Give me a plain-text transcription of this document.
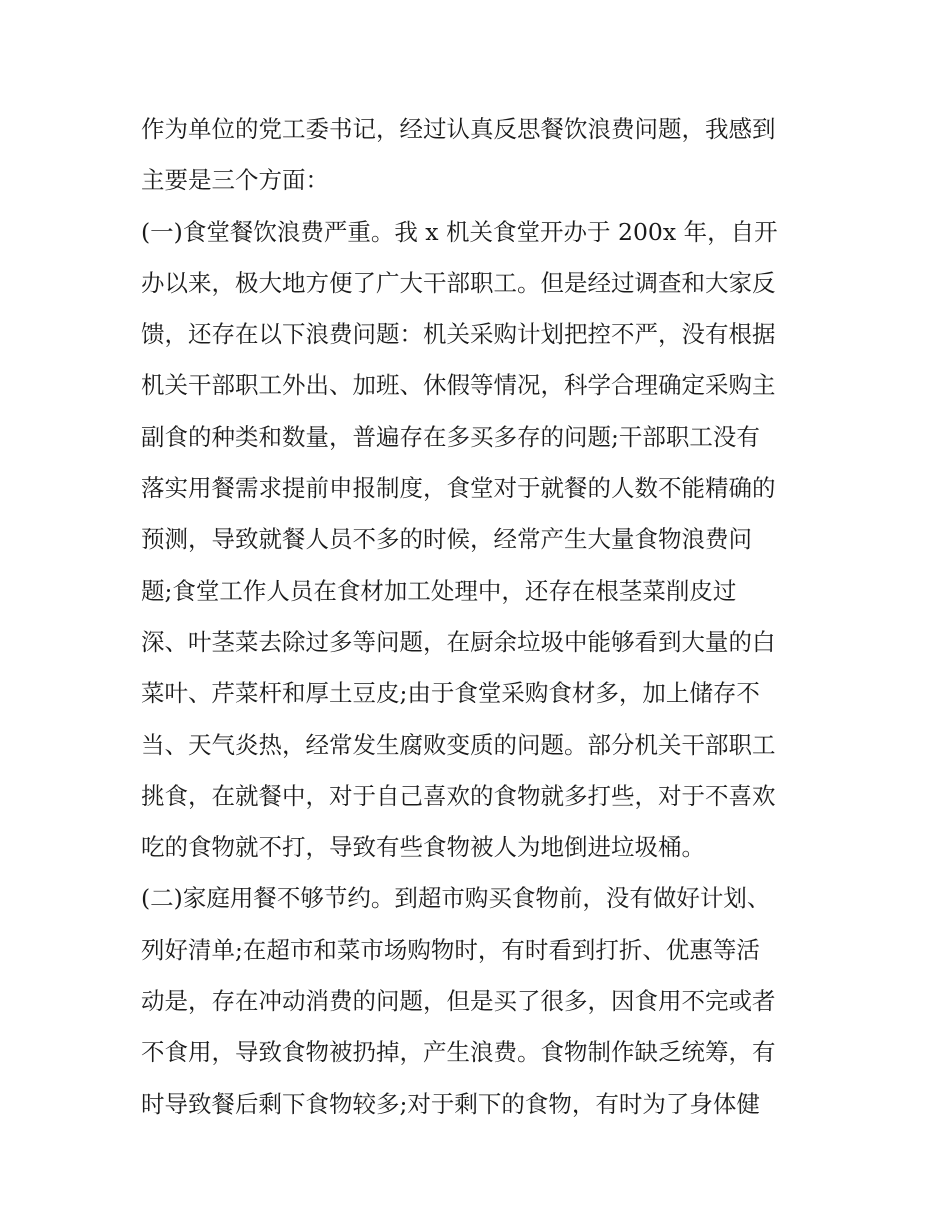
作为单位的党工委书记，经过认真反思餐饮浪费问题，我感到
主要是三个方面：
(一)食堂餐饮浪费严重。我 x 机关食堂开办于 200x 年，自开
办以来，极大地方便了广大干部职工。但是经过调查和大家反
馈，还存在以下浪费问题：机关采购计划把控不严，没有根据
机关干部职工外出、加班、休假等情况，科学合理确定采购主
副食的种类和数量，普遍存在多买多存的问题;干部职工没有
落实用餐需求提前申报制度，食堂对于就餐的人数不能精确的
预测，导致就餐人员不多的时候，经常产生大量食物浪费问
题;食堂工作人员在食材加工处理中，还存在根茎菜削皮过
深、叶茎菜去除过多等问题，在厨余垃圾中能够看到大量的白
菜叶、芹菜杆和厚土豆皮;由于食堂采购食材多，加上储存不
当、天气炎热，经常发生腐败变质的问题。部分机关干部职工
挑食，在就餐中，对于自己喜欢的食物就多打些，对于不喜欢
吃的食物就不打，导致有些食物被人为地倒进垃圾桶。
(二)家庭用餐不够节约。到超市购买食物前，没有做好计划、
列好清单;在超市和菜市场购物时，有时看到打折、优惠等活
动是，存在冲动消费的问题，但是买了很多，因食用不完或者
不食用，导致食物被扔掉，产生浪费。食物制作缺乏统筹，有
时导致餐后剩下食物较多;对于剩下的食物，有时为了身体健
